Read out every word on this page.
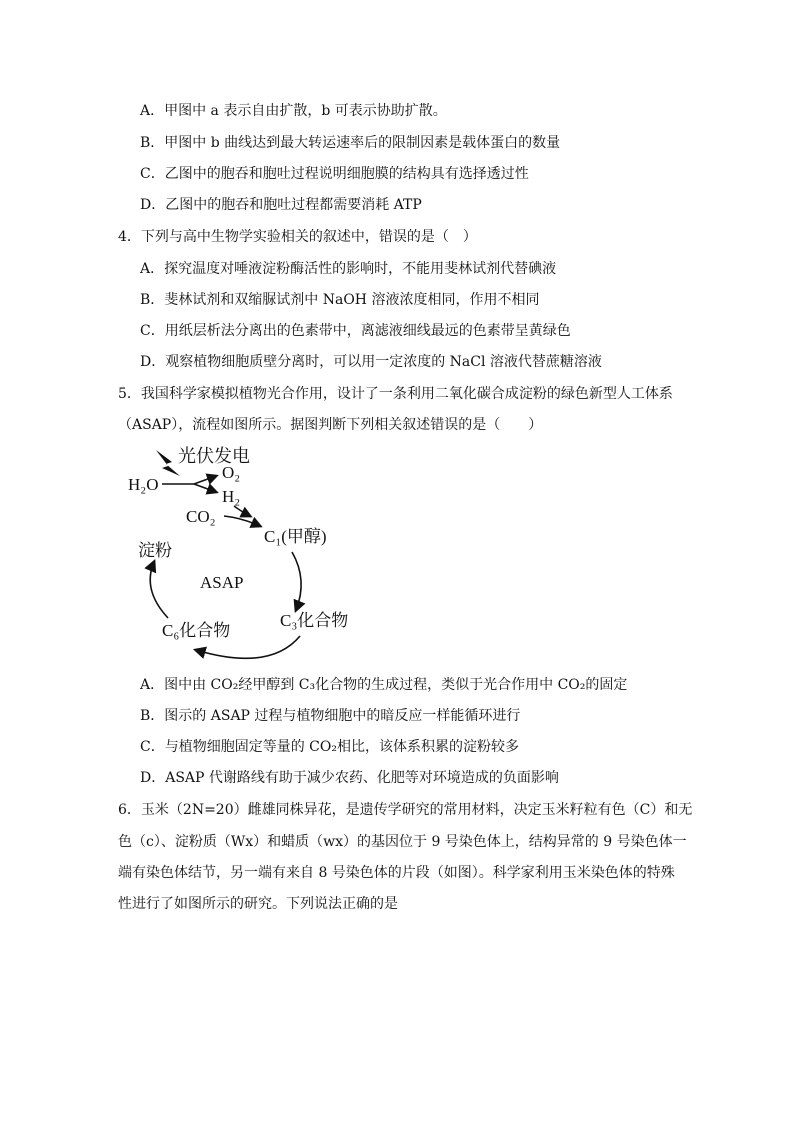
A．甲图中 a 表示自由扩散，b 可表示协助扩散。
B．甲图中 b 曲线达到最大转运速率后的限制因素是载体蛋白的数量
C．乙图中的胞吞和胞吐过程说明细胞膜的结构具有选择透过性
D．乙图中的胞吞和胞吐过程都需要消耗 ATP
4．下列与高中生物学实验相关的叙述中，错误的是（　）
A．探究温度对唾液淀粉酶活性的影响时，不能用斐林试剂代替碘液
B．斐林试剂和双缩脲试剂中 NaOH 溶液浓度相同，作用不相同
C．用纸层析法分离出的色素带中，离滤液细线最远的色素带呈黄绿色
D．观察植物细胞质壁分离时，可以用一定浓度的 NaCl 溶液代替蔗糖溶液
5．我国科学家模拟植物光合作用，设计了一条利用二氧化碳合成淀粉的绿色新型人工体系
（ASAP），流程如图所示。据图判断下列相关叙述错误的是（　　）
光伏发电
H₂O
O₂
H₂
CO₂
C₁(甲醇)
淀粉
ASAP
C₃化合物
C₆化合物
A．图中由 CO₂经甲醇到 C₃化合物的生成过程，类似于光合作用中 CO₂的固定
B．图示的 ASAP 过程与植物细胞中的暗反应一样能循环进行
C．与植物细胞固定等量的 CO₂相比，该体系积累的淀粉较多
D．ASAP 代谢路线有助于减少农药、化肥等对环境造成的负面影响
6．玉米（2N=20）雌雄同株异花，是遗传学研究的常用材料，决定玉米籽粒有色（C）和无
色（c）、淀粉质（Wx）和蜡质（wx）的基因位于 9 号染色体上，结构异常的 9 号染色体一
端有染色体结节，另一端有来自 8 号染色体的片段（如图）。科学家利用玉米染色体的特殊
性进行了如图所示的研究。下列说法正确的是
